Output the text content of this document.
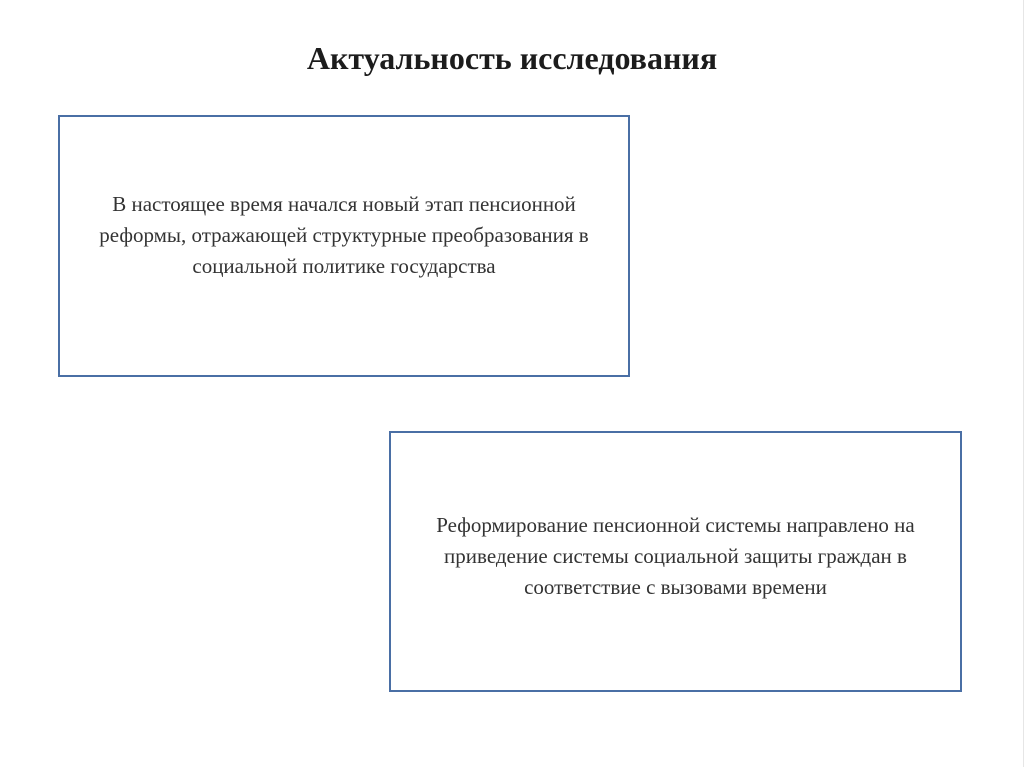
Актуальность исследования
В настоящее время начался новый этап пенсионной реформы, отражающей структурные преобразования в социальной политике государства
Реформирование пенсионной системы направлено на приведение системы социальной защиты граждан в соответствие с вызовами времени
